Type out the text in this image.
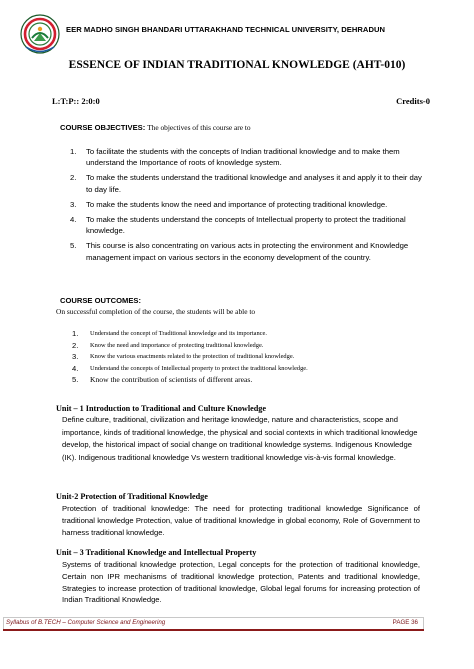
EER MADHO SINGH BHANDARI UTTARAKHAND TECHNICAL UNIVERSITY, DEHRADUN
ESSENCE OF INDIAN TRADITIONAL KNOWLEDGE (AHT-010)
L:T:P:: 2:0:0	Credits-0
COURSE OBJECTIVES: The objectives of this course are to
1. To facilitate the students with the concepts of Indian traditional knowledge and to make them understand the Importance of roots of knowledge system.
2. To make the students understand the traditional knowledge and analyses it and apply it to their day to day life.
3. To make the students know the need and importance of protecting traditional knowledge.
4. To make the students understand the concepts of Intellectual property to protect the traditional knowledge.
5. This course is also concentrating on various acts in protecting the environment and Knowledge management impact on various sectors in the economy development of the country.
COURSE OUTCOMES:
On successful completion of the course, the students will be able to
1. Understand the concept of Traditional knowledge and its importance.
2. Know the need and importance of protecting traditional knowledge.
3. Know the various enactments related to the protection of traditional knowledge.
4. Understand the concepts of Intellectual property to protect the traditional knowledge.
5. Know the contribution of scientists of different areas.
Unit – 1 Introduction to Traditional and Culture Knowledge

Define culture, traditional, civilization and heritage knowledge, nature and characteristics, scope and importance, kinds of traditional knowledge, the physical and social contexts in which traditional knowledge develop, the historical impact of social change on traditional knowledge systems. Indigenous Knowledge (IK). Indigenous traditional knowledge Vs western traditional knowledge vis-à-vis formal knowledge.

Unit-2 Protection of Traditional Knowledge

Protection of traditional knowledge: The need for protecting traditional knowledge Significance of traditional knowledge Protection, value of traditional knowledge in global economy, Role of Government to harness traditional knowledge.

Unit – 3 Traditional Knowledge and Intellectual Property

Systems of traditional knowledge protection, Legal concepts for the protection of traditional knowledge, Certain non IPR mechanisms of traditional knowledge protection, Patents and traditional knowledge, Strategies to increase protection of traditional knowledge, Global legal forums for increasing protection of Indian Traditional Knowledge.

Syllabus of B.TECH – Computer Science and Engineering	PAGE 36
